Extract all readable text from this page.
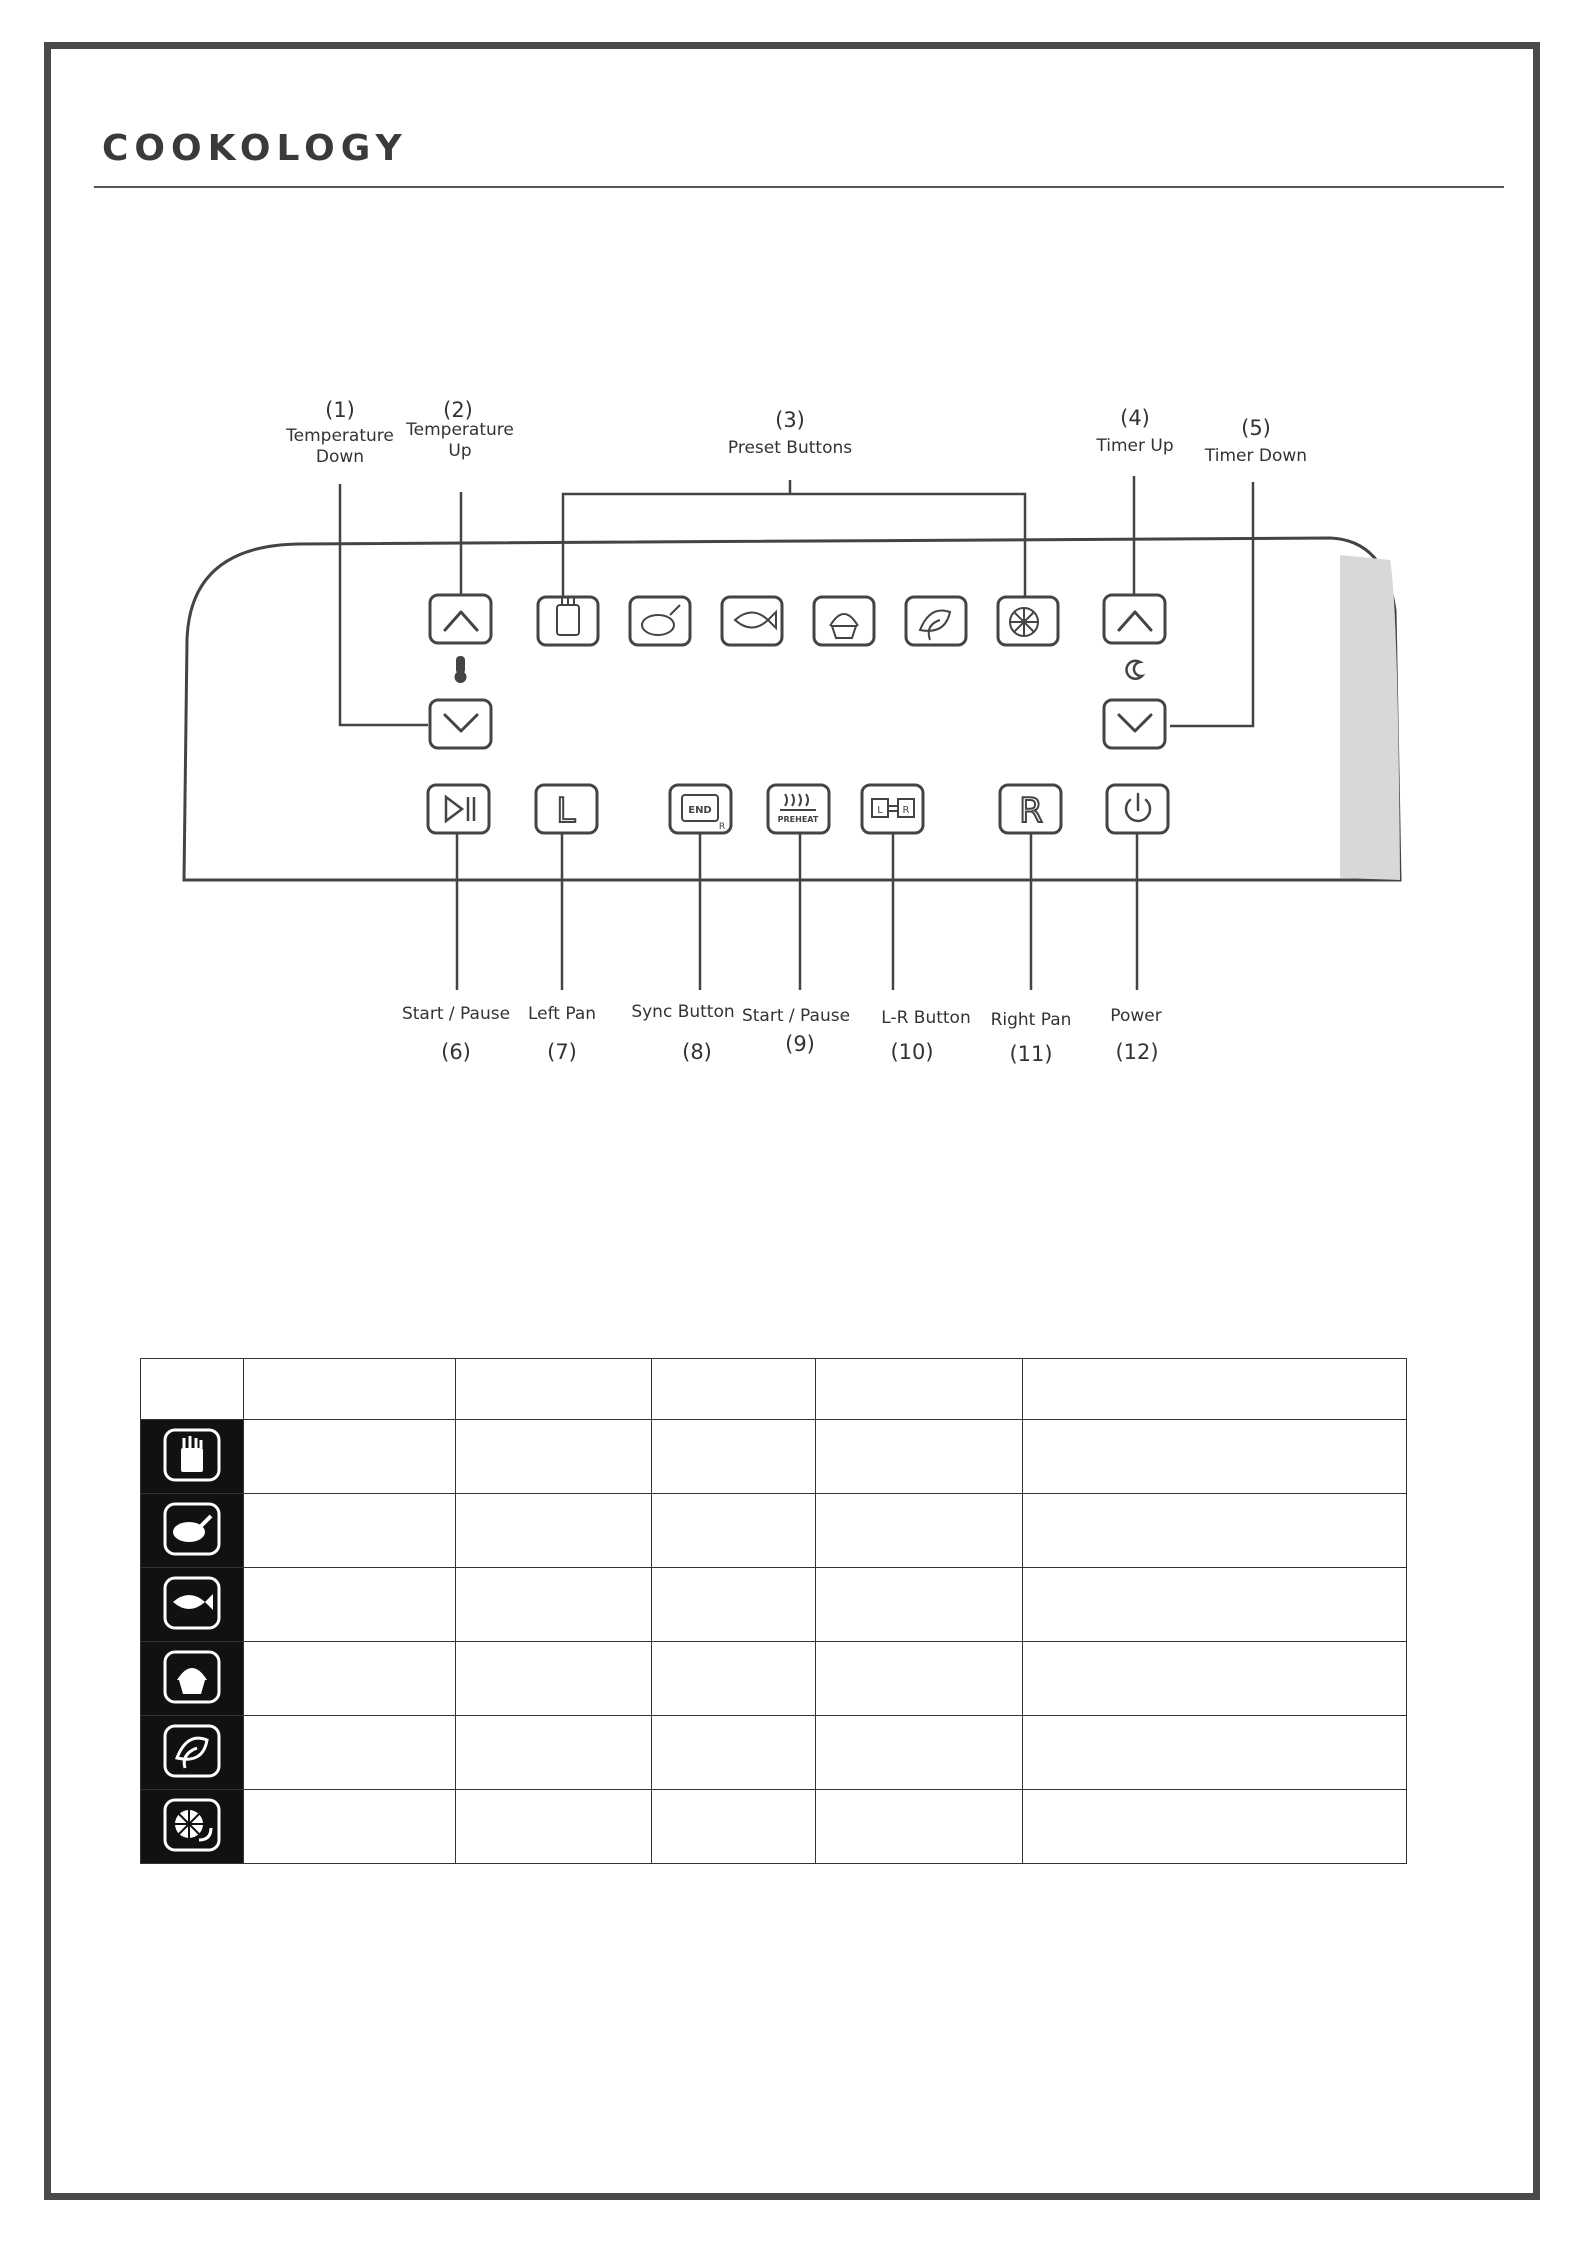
COOKOLOGY
L	END
R
PREHEAT
L R	R
(1)
Temperature
Down
(2)
Temperature
Up
(3)
Preset Buttons
(4)
Timer Up
(5)
Timer Down
Start / Pause
(6)
Left Pan
(7)
Sync Button
(8)
Start / Pause
(9)
L-R Button
(10)
Right Pan
(11)
Power
(12)
